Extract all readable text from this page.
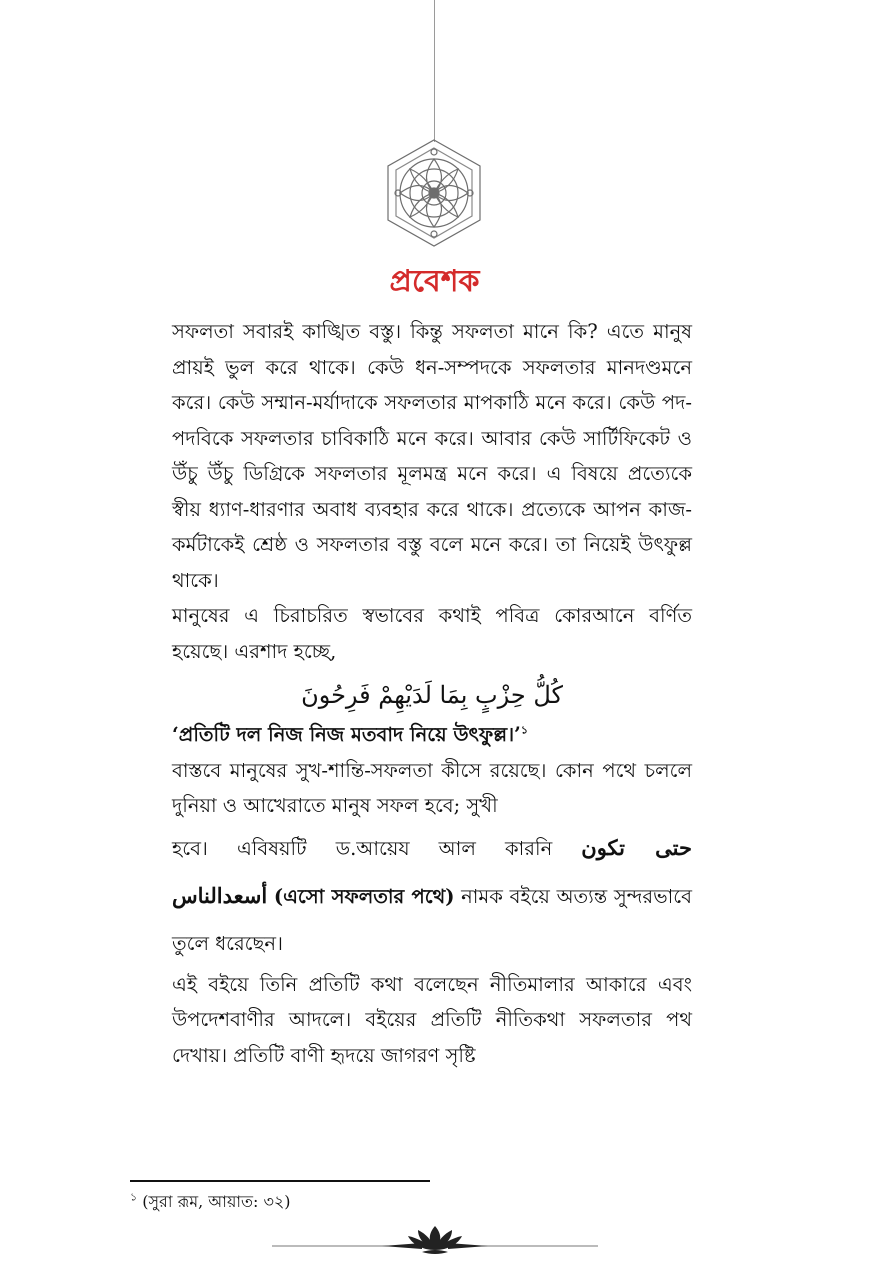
প্রবেশক

সফলতা সবারই কাঙ্খিত বস্তু। কিন্তু সফলতা মানে কি? এতে মানুষ প্রায়ই ভুল করে থাকে। কেউ ধন-সম্পদকে সফলতার মানদণ্ডমনে করে। কেউ সম্মান-মর্যাদাকে সফলতার মাপকাঠি মনে করে। কেউ পদ-পদবিকে সফলতার চাবিকাঠি মনে করে। আবার কেউ সার্টিফিকেট ও উঁচু উঁচু ডিগ্রিকে সফলতার মূলমন্ত্র মনে করে। এ বিষয়ে প্রত্যেকে স্বীয় ধ্যাণ-ধারণার অবাধ ব্যবহার করে থাকে। প্রত্যেকে আপন কাজ-কর্মটাকেই শ্রেষ্ঠ ও সফলতার বস্তু বলে মনে করে। তা নিয়েই উৎফুল্ল থাকে।

মানুষের এ চিরাচরিত স্বভাবের কথাই পবিত্র কোরআনে বর্ণিত হয়েছে। এরশাদ হচ্ছে,

كُلُّ حِزْبٍ بِمَا لَدَيْهِمْ فَرِحُونَ

‘প্রতিটি দল নিজ নিজ মতবাদ নিয়ে উৎফুল্ল।’$^১$

বাস্তবে মানুষের সুখ-শান্তি-সফলতা কীসে রয়েছে। কোন পথে চললে দুনিয়া ও আখেরাতে মানুষ সফল হবে; সুখী

হবে। এবিষয়টি ড.আয়েয আল কারনি حتى تكون

أسعدالناس (এসো সফলতার পথে) নামক বইয়ে অত্যন্ত সুন্দরভাবে তুলে ধরেছেন।

এই বইয়ে তিনি প্রতিটি কথা বলেছেন নীতিমালার আকারে এবং উপদেশবাণীর আদলে। বইয়ের প্রতিটি নীতিকথা সফলতার পথ দেখায়। প্রতিটি বাণী হৃদয়ে জাগরণ সৃষ্টি

$^১$ (সুরা রূম, আয়াত: ৩২)
